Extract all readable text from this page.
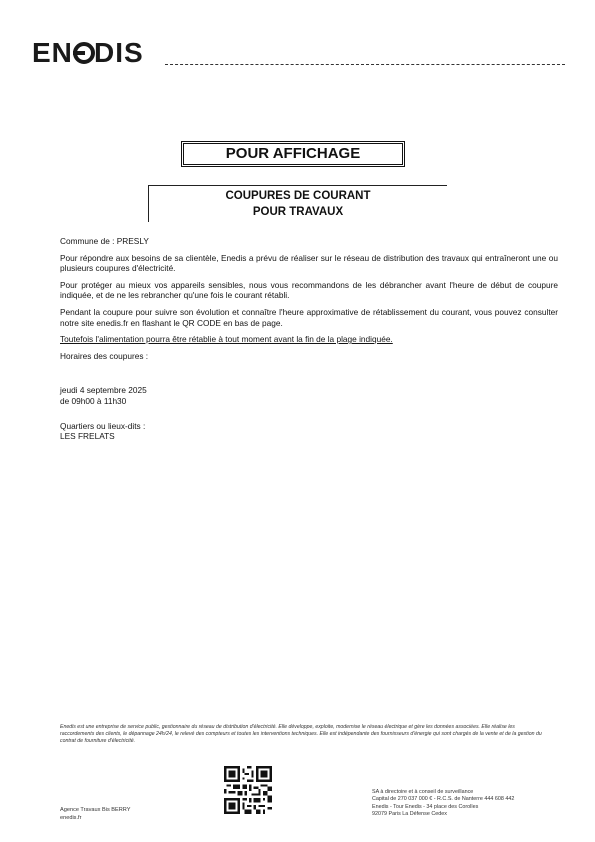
EN DIS
POUR AFFICHAGE
COUPURES DE COURANT
POUR TRAVAUX

Commune de : PRESLY

Pour répondre aux besoins de sa clientèle, Enedis a prévu de réaliser sur le réseau de distribution des travaux qui entraîneront une ou plusieurs coupures d'électricité.

Pour protéger au mieux vos appareils sensibles, nous vous recommandons de les débrancher avant l'heure de début de coupure indiquée, et de ne les rebrancher qu'une fois le courant rétabli.

Pendant la coupure pour suivre son évolution et connaître l'heure approximative de rétablissement du courant, vous pouvez consulter notre site enedis.fr en flashant le QR CODE en bas de page.

Toutefois l'alimentation pourra être rétablie à tout moment avant la fin de la plage indiquée.

Horaires des coupures :

jeudi 4 septembre 2025

de 09h00 à 11h30

Quartiers ou lieux-dits :

LES FRELATS

Enedis est une entreprise de service public, gestionnaire du réseau de distribution d'électricité. Elle développe, exploite, modernise le réseau électrique et gère les données associées. Elle réalise les raccordements des clients, le dépannage 24h/24, le relevé des compteurs et toutes les interventions techniques. Elle est indépendante des fournisseurs d'énergie qui sont chargés de la vente et de la gestion du contrat de fourniture d'électricité.
Agence Travaux Bis BERRY
enedis.fr
SA à directoire et à conseil de surveillance
Capital de 270 037 000 € - R.C.S. de Nanterre 444 608 442
Enedis - Tour Enedis - 34 place des Corolles
92079 Paris La Défense Cedex
